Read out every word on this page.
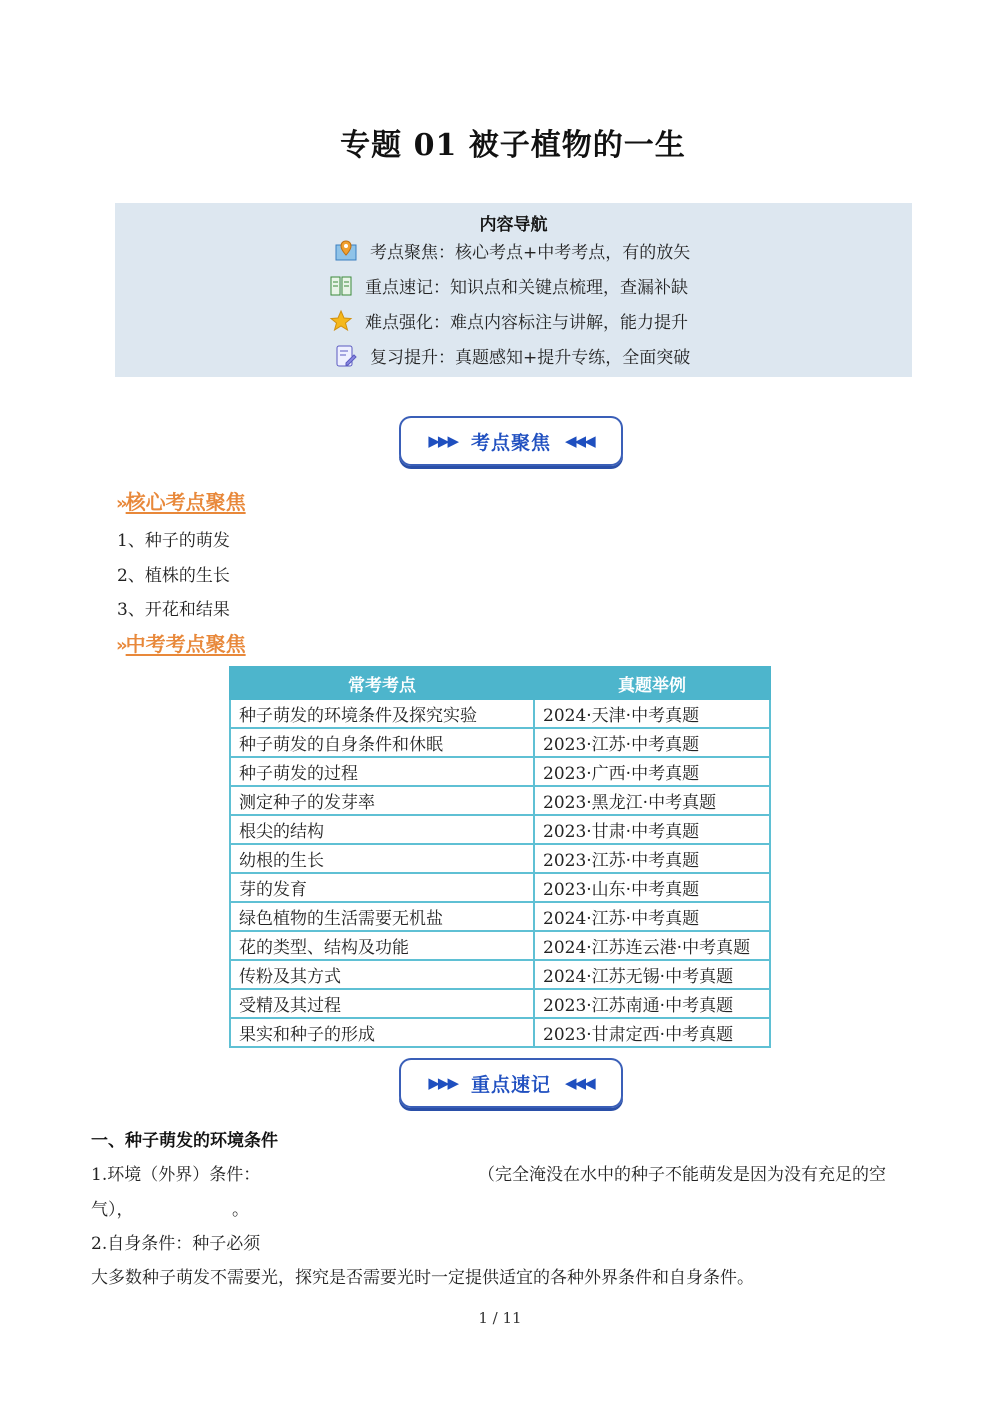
专题 01 被子植物的一生
内容导航
考点聚焦：核心考点+中考考点，有的放矢
重点速记：知识点和关键点梳理，查漏补缺
难点强化：难点内容标注与讲解，能力提升
复习提升：真题感知+提升专练，全面突破
▶▶▶ 考点聚焦 ◀◀◀
» 核心考点聚焦
1、种子的萌发
2、植株的生长
3、开花和结果
» 中考考点聚焦
常考考点	真题举例
种子萌发的环境条件及探究实验	2024·天津·中考真题
种子萌发的自身条件和休眠	2023·江苏·中考真题
种子萌发的过程	2023·广西·中考真题
测定种子的发芽率	2023·黑龙江·中考真题
根尖的结构	2023·甘肃·中考真题
幼根的生长	2023·江苏·中考真题
芽的发育	2023·山东·中考真题
绿色植物的生活需要无机盐	2024·江苏·中考真题
花的类型、结构及功能	2024·江苏连云港·中考真题
传粉及其方式	2024·江苏无锡·中考真题
受精及其过程	2023·江苏南通·中考真题
果实和种子的形成	2023·甘肃定西·中考真题
▶▶▶ 重点速记 ◀◀◀
一、种子萌发的环境条件
1.环境（外界）条件：	（完全淹没在水中的种子不能萌发是因为没有充足的空
气），	。
2.自身条件：种子必须
大多数种子萌发不需要光，探究是否需要光时一定提供适宜的各种外界条件和自身条件。
1 / 11
